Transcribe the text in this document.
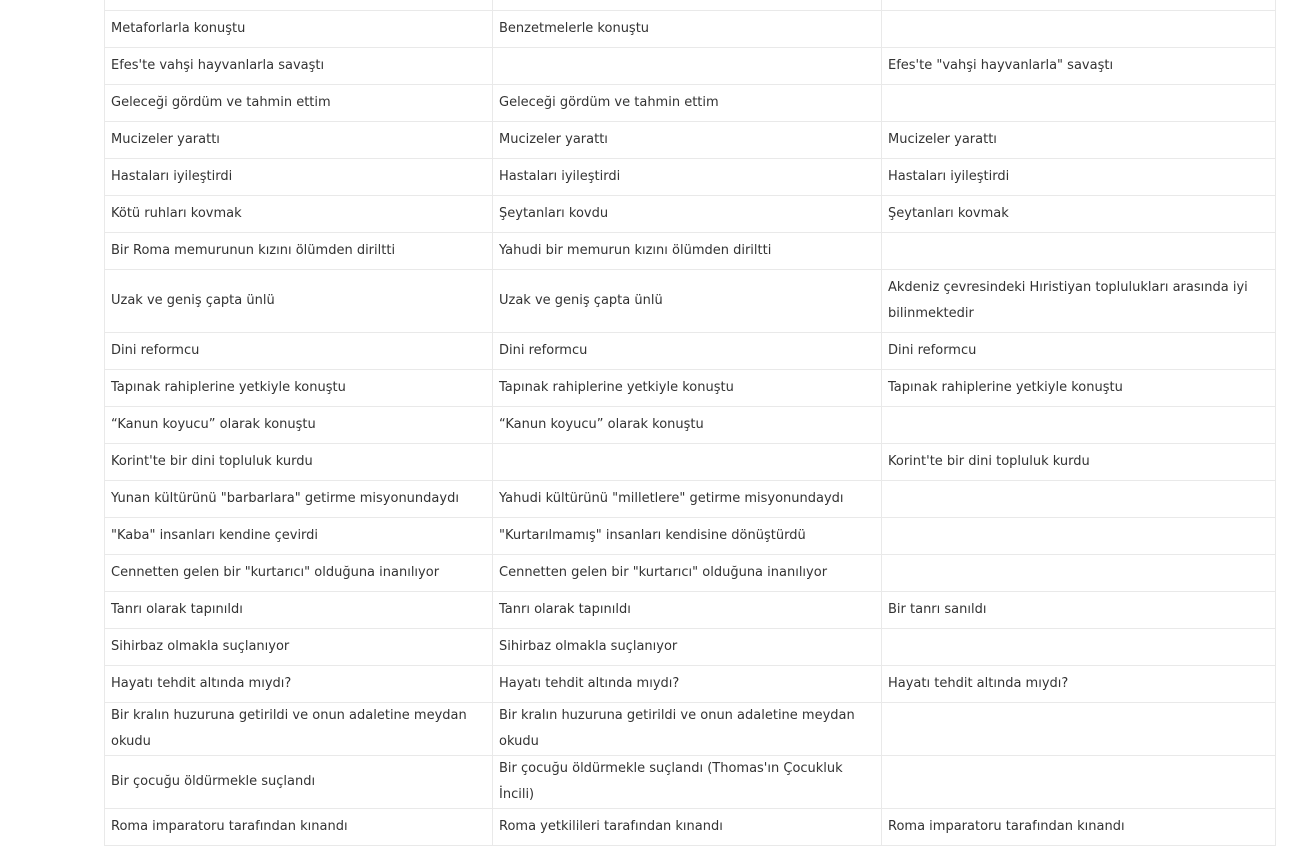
Metaforlarla konuştu	Benzetmelerle konuştu	
Efes'te vahşi hayvanlarla savaştı		Efes'te "vahşi hayvanlarla" savaştı
Geleceği gördüm ve tahmin ettim	Geleceği gördüm ve tahmin ettim	
Mucizeler yarattı	Mucizeler yarattı	Mucizeler yarattı
Hastaları iyileştirdi	Hastaları iyileştirdi	Hastaları iyileştirdi
Kötü ruhları kovmak	Şeytanları kovdu	Şeytanları kovmak
Bir Roma memurunun kızını ölümden diriltti	Yahudi bir memurun kızını ölümden diriltti	
Uzak ve geniş çapta ünlü	Uzak ve geniş çapta ünlü	Akdeniz çevresindeki Hıristiyan toplulukları arasında iyi bilinmektedir
Dini reformcu	Dini reformcu	Dini reformcu
Tapınak rahiplerine yetkiyle konuştu	Tapınak rahiplerine yetkiyle konuştu	Tapınak rahiplerine yetkiyle konuştu
“Kanun koyucu” olarak konuştu	“Kanun koyucu” olarak konuştu	
Korint'te bir dini topluluk kurdu		Korint'te bir dini topluluk kurdu
Yunan kültürünü "barbarlara" getirme misyonundaydı	Yahudi kültürünü "milletlere" getirme misyonundaydı	
"Kaba" insanları kendine çevirdi	"Kurtarılmamış" insanları kendisine dönüştürdü	
Cennetten gelen bir "kurtarıcı" olduğuna inanılıyor	Cennetten gelen bir "kurtarıcı" olduğuna inanılıyor	
Tanrı olarak tapınıldı	Tanrı olarak tapınıldı	Bir tanrı sanıldı
Sihirbaz olmakla suçlanıyor	Sihirbaz olmakla suçlanıyor	
Hayatı tehdit altında mıydı?	Hayatı tehdit altında mıydı?	Hayatı tehdit altında mıydı?
Bir kralın huzuruna getirildi ve onun adaletine meydan okudu	Bir kralın huzuruna getirildi ve onun adaletine meydan okudu	
Bir çocuğu öldürmekle suçlandı	Bir çocuğu öldürmekle suçlandı (Thomas'ın Çocukluk İncili)	
Roma imparatoru tarafından kınandı	Roma yetkilileri tarafından kınandı	Roma imparatoru tarafından kınandı
